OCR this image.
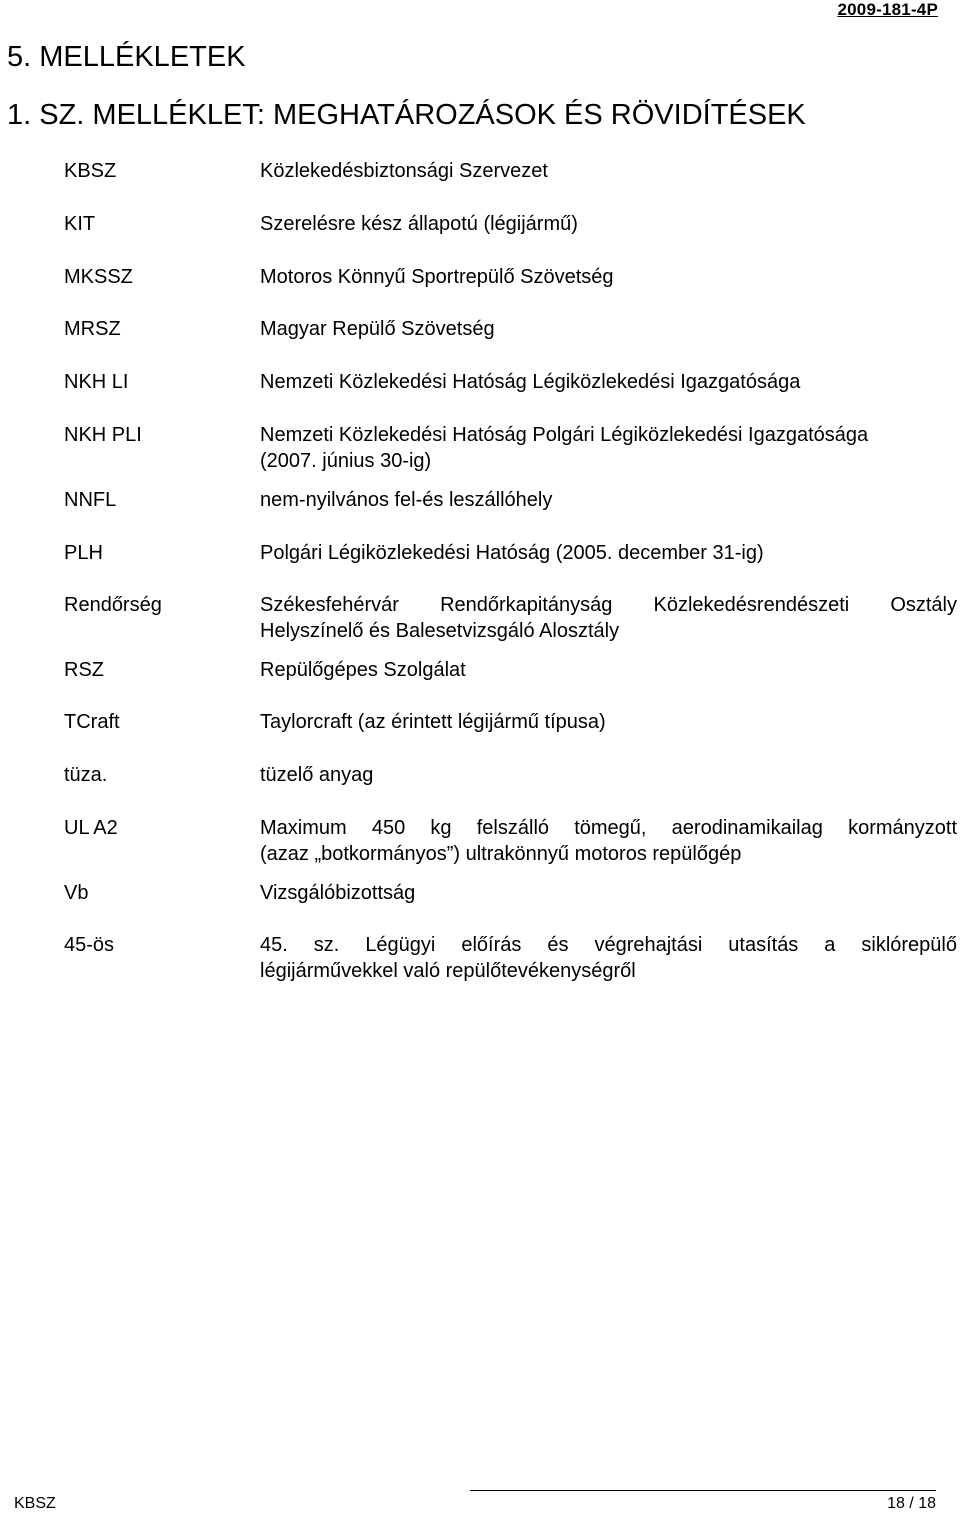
2009-181-4P
5. MELLÉKLETEK
1. SZ. MELLÉKLET: MEGHATÁROZÁSOK ÉS RÖVIDÍTÉSEK
KBSZ	Közlekedésbiztonsági Szervezet
KIT	Szerelésre kész állapotú (légijármű)
MKSSZ	Motoros Könnyű Sportrepülő Szövetség
MRSZ	Magyar Repülő Szövetség
NKH LI	Nemzeti Közlekedési Hatóság Légiközlekedési Igazgatósága
NKH PLI	Nemzeti Közlekedési Hatóság Polgári Légiközlekedési Igazgatósága
(2007. június 30-ig)
NNFL	nem-nyilvános fel-és leszállóhely
PLH	Polgári Légiközlekedési Hatóság (2005. december 31-ig)
Rendőrség	Székesfehérvár Rendőrkapitányság Közlekedésrendészeti Osztály
Helyszínelő és Balesetvizsgáló Alosztály
RSZ	Repülőgépes Szolgálat
TCraft	Taylorcraft (az érintett légijármű típusa)
tüza.	tüzelő anyag
UL A2	Maximum 450 kg felszálló tömegű, aerodinamikailag kormányzott
(azaz „botkormányos”) ultrakönnyű motoros repülőgép
Vb	Vizsgálóbizottság
45-ös	45. sz. Légügyi előírás és végrehajtási utasítás a siklórepülő
légijárművekkel való repülőtevékenységről
KBSZ	18 / 18
